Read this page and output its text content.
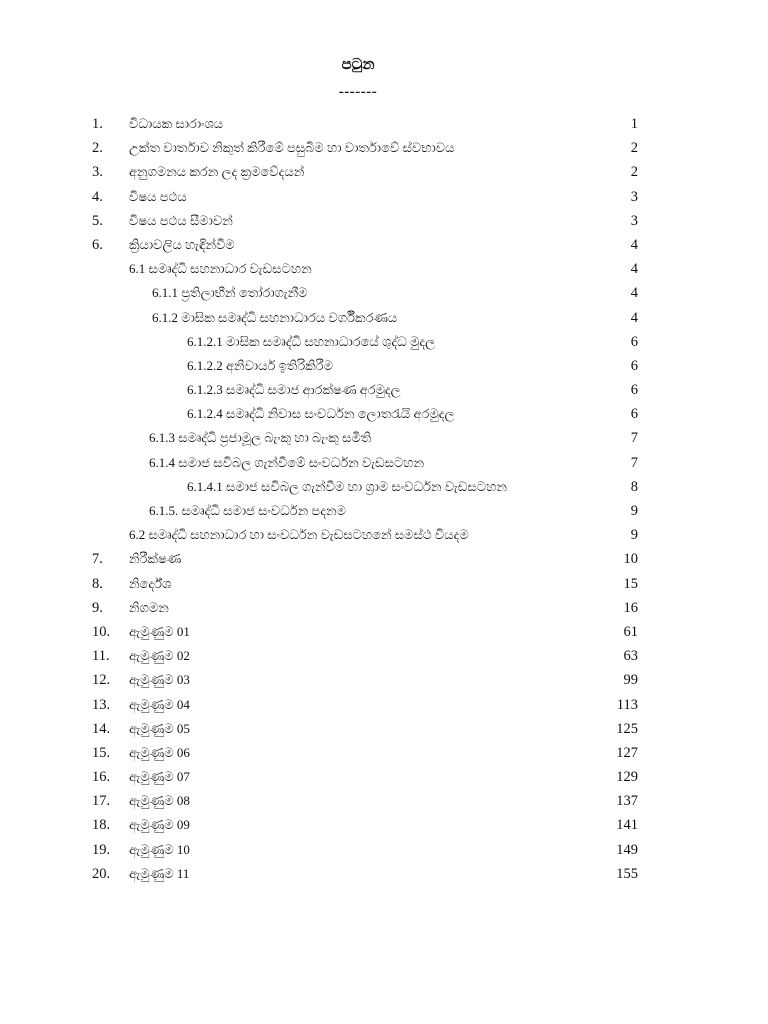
පටුන
-------
1. විධායක සාරාංශය	1
2. උක්ත වාර්තාව නිකුත් කිරීමේ පසුබිම හා වාර්තාවේ ස්වභාවය	2
3. අනුගමනය කරන ලද ක්‍රමවේදයන්	2
4. විෂය පථය	3
5. විෂය පථය සීමාවන්	3
6. ක්‍රියාවලිය හැඳින්වීම	4
6.1 සමෘද්ධි සහනාධාර වැඩසටහන	4
6.1.1 ප්‍රතිලාභීන් තෝරාගැනීම	4
6.1.2 මාසික සමෘද්ධි සහනාධාරය වර්ගීකරණය	4
6.1.2.1 මාසික සමෘද්ධි සහනාධාරයේ ශුද්ධ මුදල	6
6.1.2.2 අනිවාර්ය ඉතිරිකිරීම	6
6.1.2.3 සමෘද්ධි සමාජ ආරක්ෂණ අරමුදල	6
6.1.2.4 සමෘද්ධි නිවාස සංවර්ධන ලොතරැයි අරමුදල	6
6.1.3 සමෘද්ධි ප්‍රජාමූල බැංකු හා බැංකු සමිති	7
6.1.4 සමාජ සවිබල ගැන්වීමේ සංවර්ධන වැඩසටහන	7
6.1.4.1 සමාජ සවිබල ගැන්වීම හා ග්‍රාම සංවර්ධන වැඩසටහන	8
6.1.5. සමෘද්ධි සමාජ සංවර්ධන පදනම	9
6.2 සමෘද්ධි සහනාධාර හා සංවර්ධන වැඩසටහනේ සමස්ථ වියදම	9
7. නිරීක්ෂණ	10
8. නිර්දේශ	15
9. නිගමන	16
10. ඇමුණුම 01	61
11. ඇමුණුම 02	63
12. ඇමුණුම 03	99
13. ඇමුණුම 04	113
14. ඇමුණුම 05	125
15. ඇමුණුම 06	127
16. ඇමුණුම 07	129
17. ඇමුණුම 08	137
18. ඇමුණුම 09	141
19. ඇමුණුම 10	149
20. ඇමුණුම 11	155
